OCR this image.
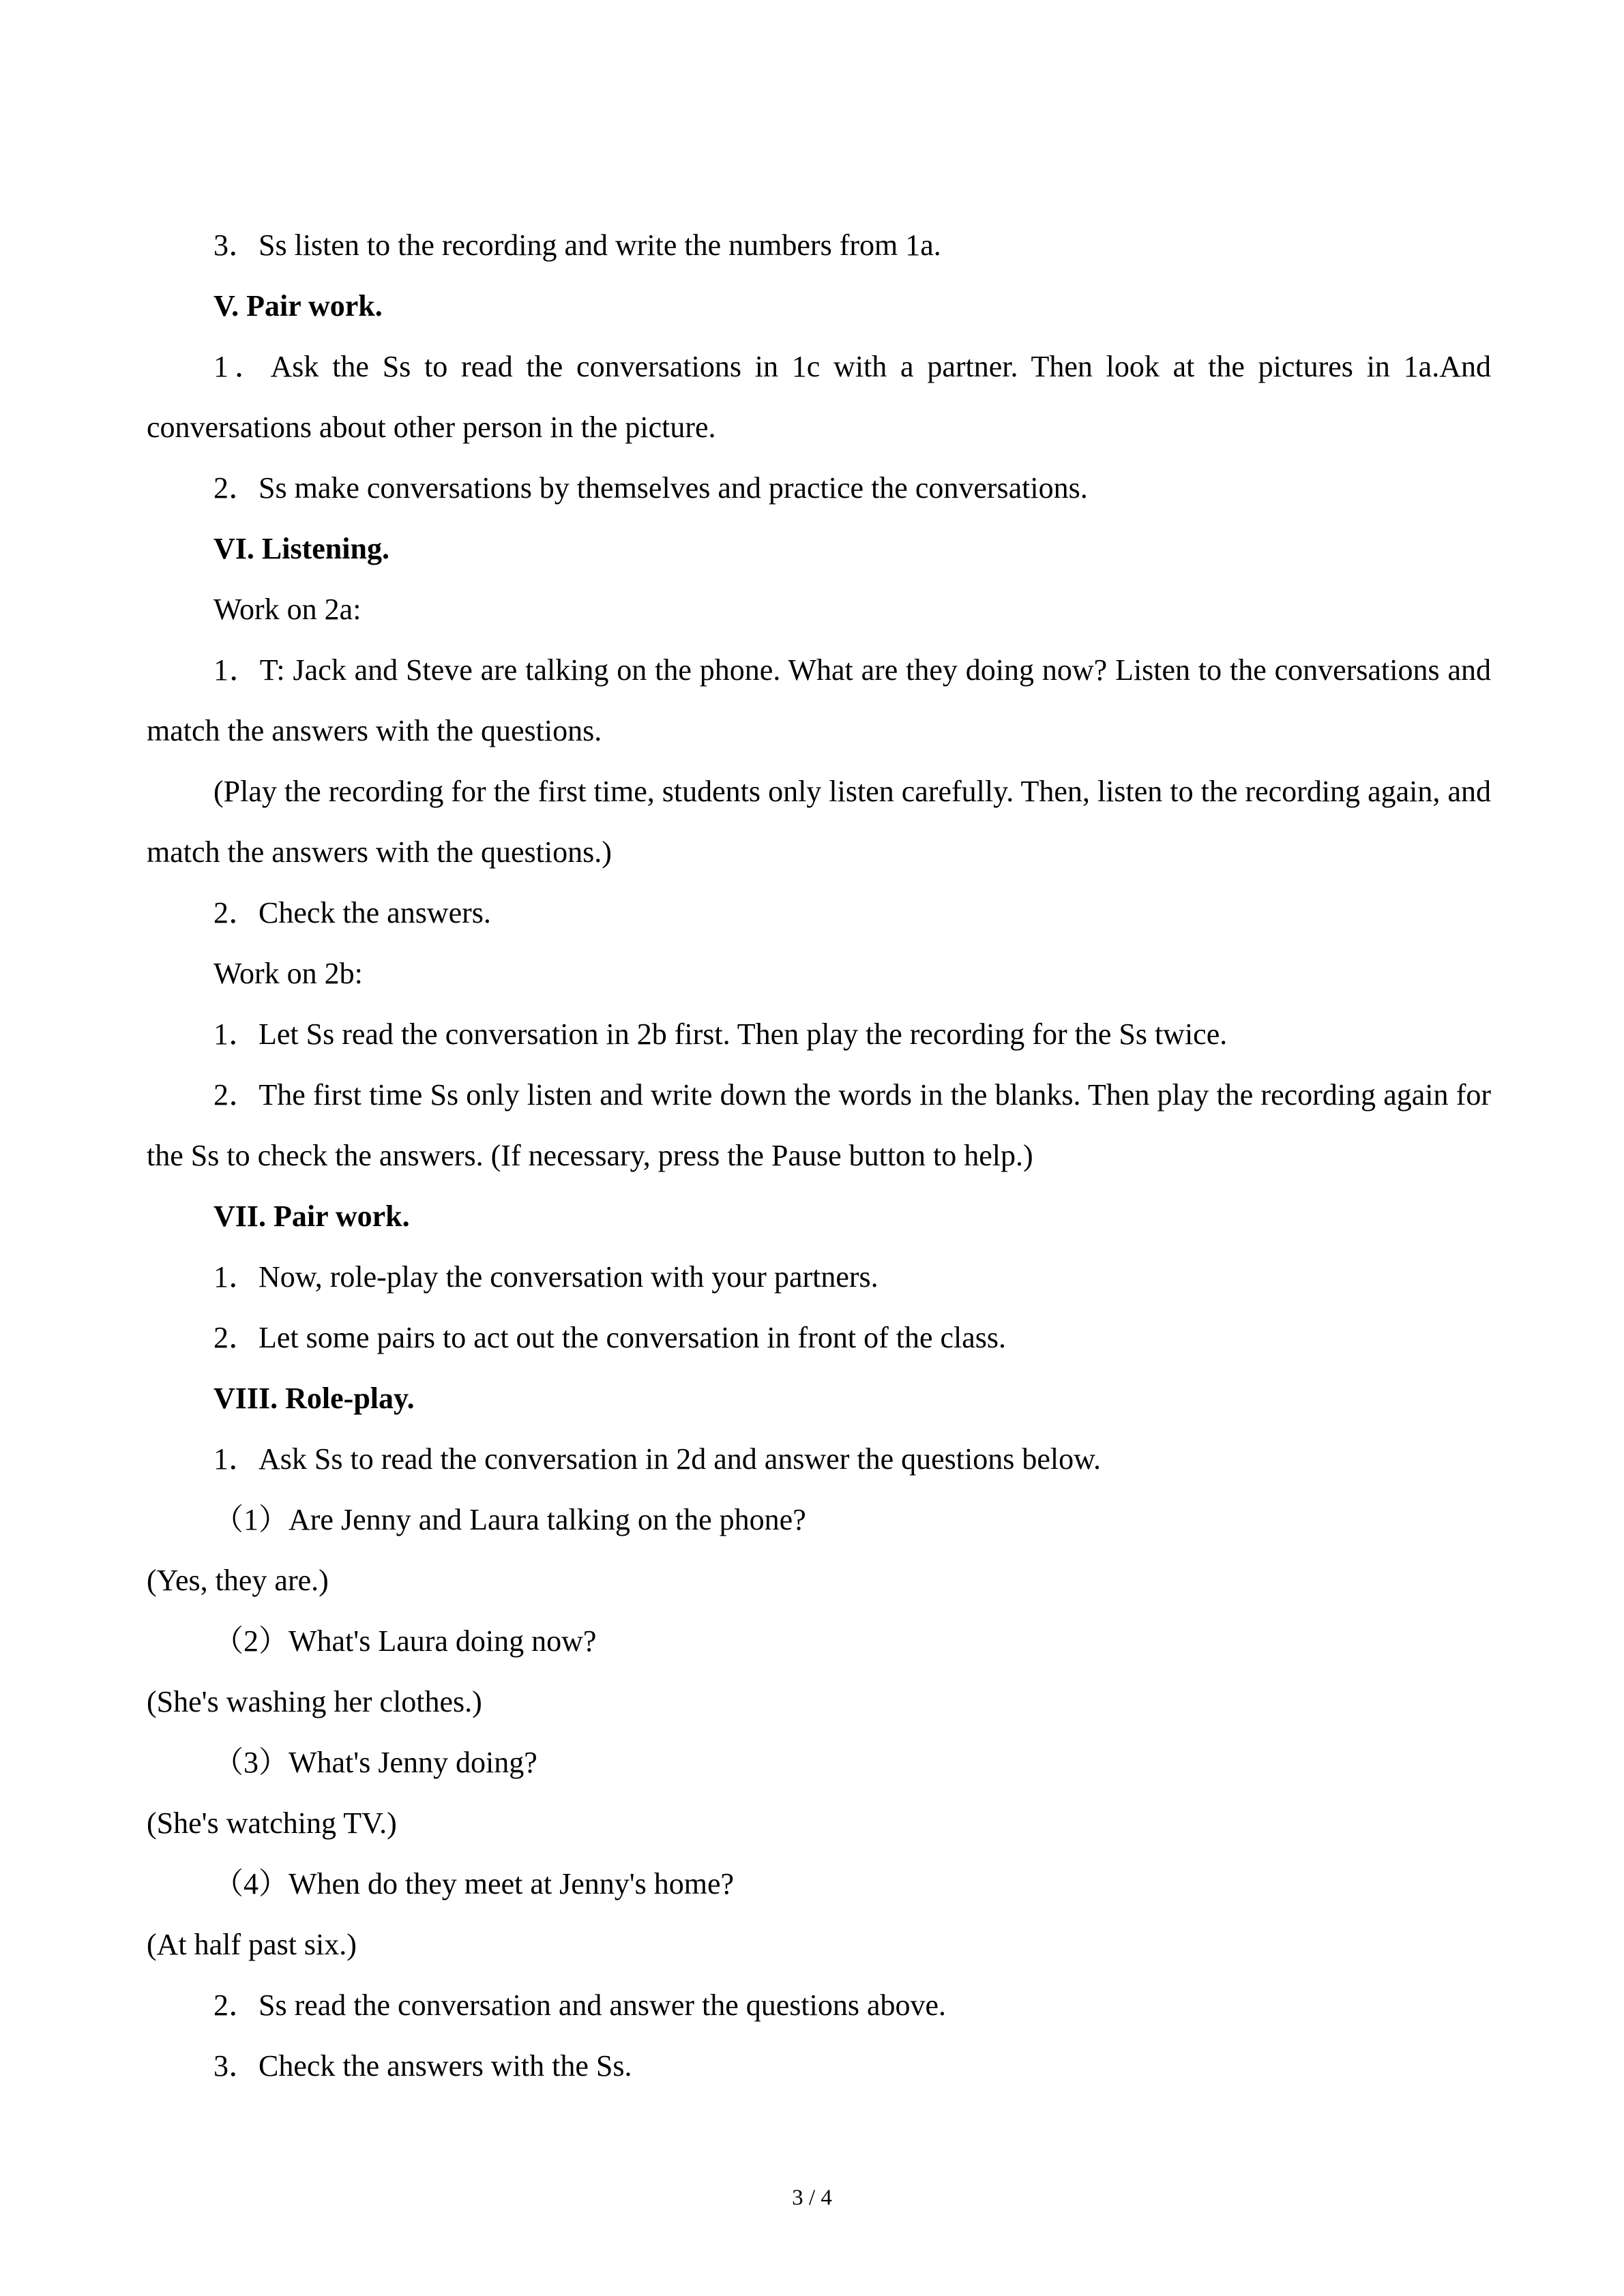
3．Ss listen to the recording and write the numbers from 1a.

V. Pair work.

1．Ask the Ss to read the conversations in 1c with a partner. Then look at the pictures in 1a.And conversations about other person in the picture.

2．Ss make conversations by themselves and practice the conversations.

VI. Listening.

Work on 2a:

1．T: Jack and Steve are talking on the phone. What are they doing now? Listen to the conversations and match the answers with the questions.

(Play the recording for the first time, students only listen carefully. Then, listen to the recording again, and match the answers with the questions.)

2．Check the answers.

Work on 2b:

1．Let Ss read the conversation in 2b first. Then play the recording for the Ss twice.

2．The first time Ss only listen and write down the words in the blanks. Then play the recording again for the Ss to check the answers. (If necessary, press the Pause button to help.)

VII. Pair work.

1．Now, role-play the conversation with your partners.

2．Let some pairs to act out the conversation in front of the class.

VIII. Role-play.

1．Ask Ss to read the conversation in 2d and answer the questions below.

（1）Are Jenny and Laura talking on the phone?

(Yes, they are.)

（2）What's Laura doing now?

(She's washing her clothes.)

（3）What's Jenny doing?

(She's watching TV.)

（4）When do they meet at Jenny's home?

(At half past six.)

2．Ss read the conversation and answer the questions above.

3．Check the answers with the Ss.

3 / 4
